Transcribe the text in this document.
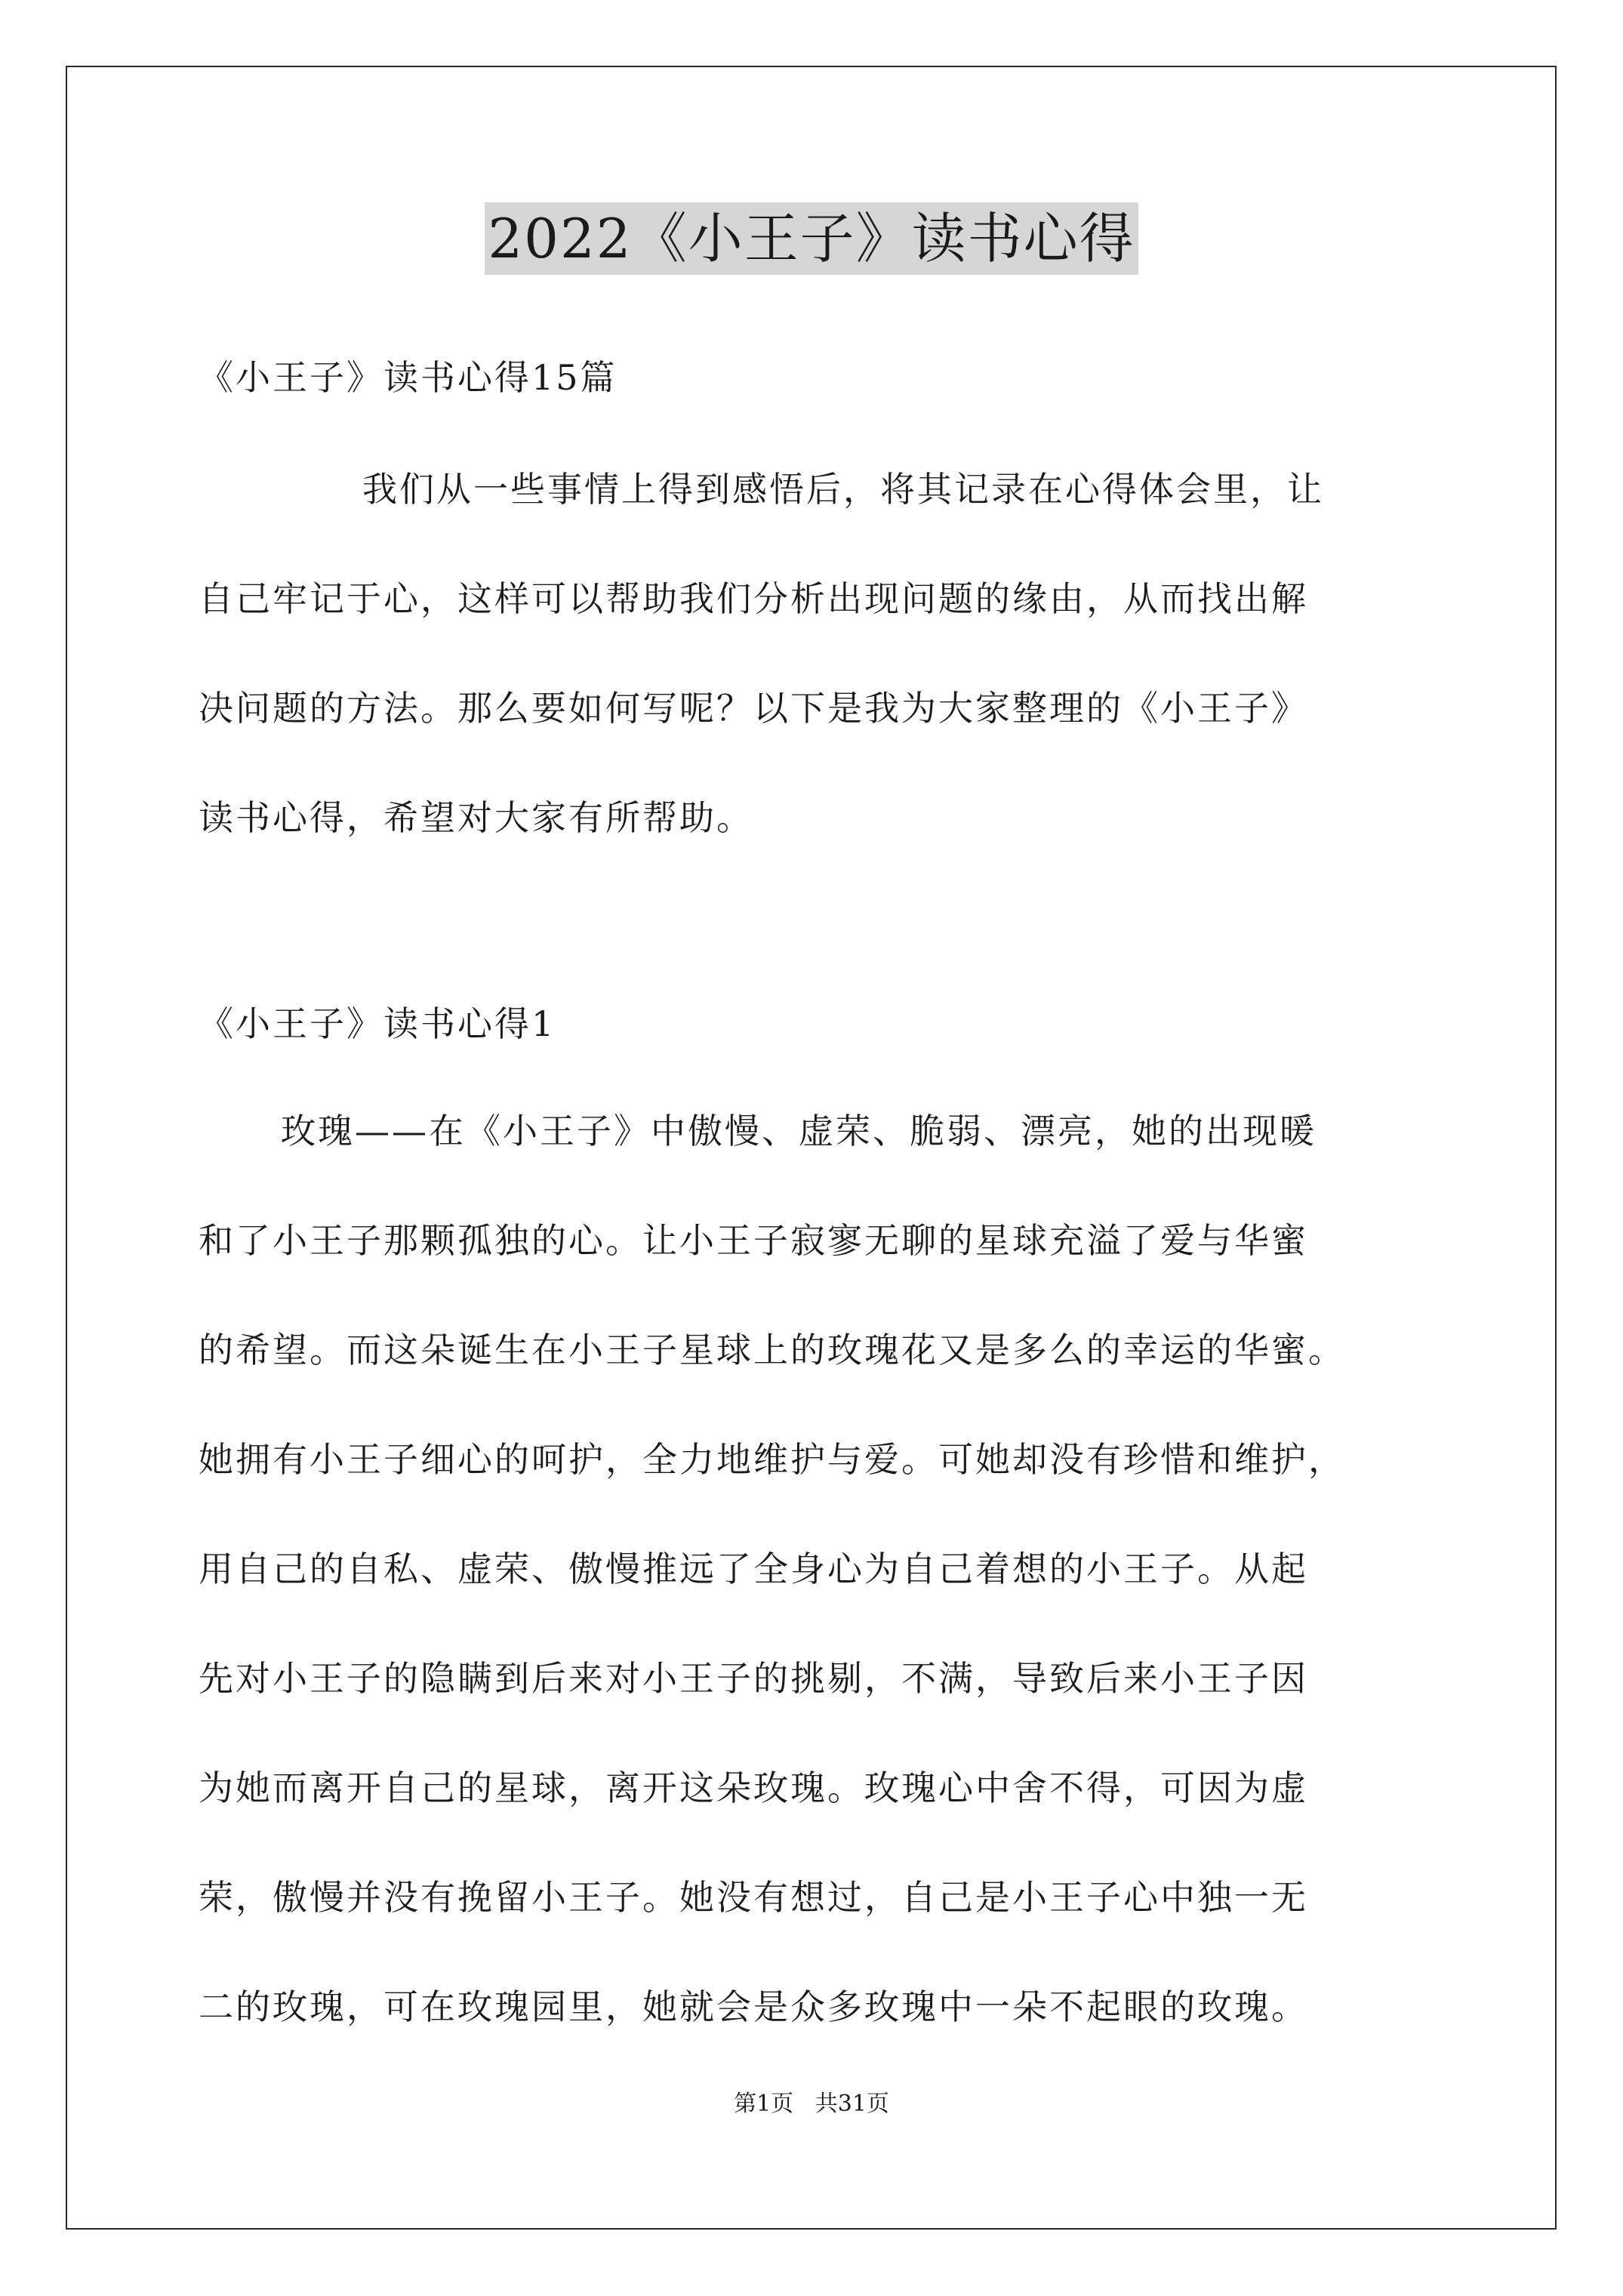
2022《小王子》读书心得
《小王子》读书心得15篇
我们从一些事情上得到感悟后，将其记录在心得体会里，让
自己牢记于心，这样可以帮助我们分析出现问题的缘由，从而找出解
决问题的方法。那么要如何写呢？以下是我为大家整理的《小王子》
读书心得，希望对大家有所帮助。
《小王子》读书心得1
玫瑰——在《小王子》中傲慢、虚荣、脆弱、漂亮，她的出现暖
和了小王子那颗孤独的心。让小王子寂寥无聊的星球充溢了爱与华蜜
的希望。而这朵诞生在小王子星球上的玫瑰花又是多么的幸运的华蜜。
她拥有小王子细心的呵护，全力地维护与爱。可她却没有珍惜和维护，
用自己的自私、虚荣、傲慢推远了全身心为自己着想的小王子。从起
先对小王子的隐瞒到后来对小王子的挑剔，不满，导致后来小王子因
为她而离开自己的星球，离开这朵玫瑰。玫瑰心中舍不得，可因为虚
荣，傲慢并没有挽留小王子。她没有想过，自己是小王子心中独一无
二的玫瑰，可在玫瑰园里，她就会是众多玫瑰中一朵不起眼的玫瑰。
第1页   共31页
